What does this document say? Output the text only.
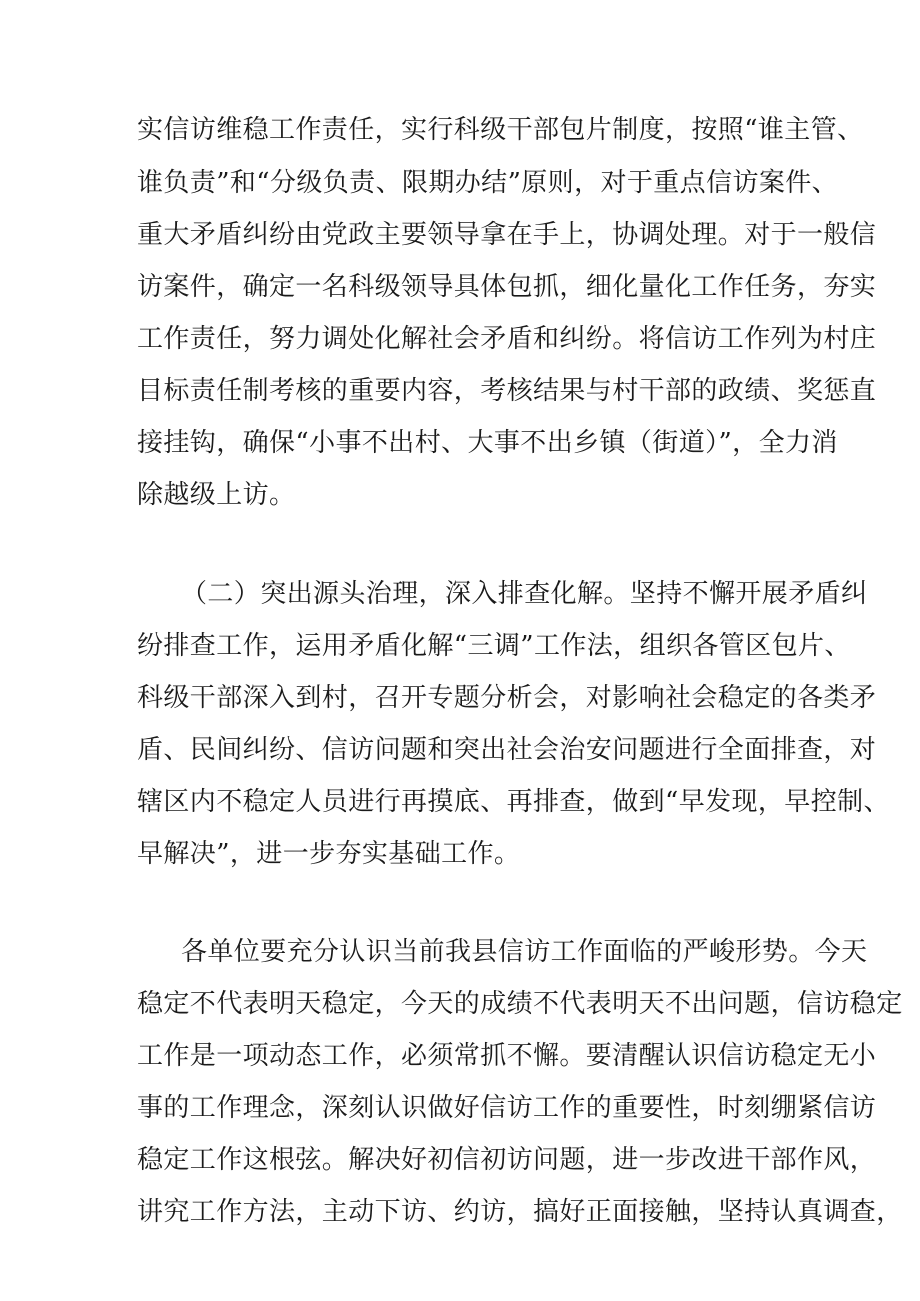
实信访维稳工作责任，实行科级干部包片制度，按照“谁主管、
谁负责”和“分级负责、限期办结”原则，对于重点信访案件、
重大矛盾纠纷由党政主要领导拿在手上，协调处理。对于一般信
访案件，确定一名科级领导具体包抓，细化量化工作任务，夯实
工作责任，努力调处化解社会矛盾和纠纷。将信访工作列为村庄
目标责任制考核的重要内容，考核结果与村干部的政绩、奖惩直
接挂钩，确保“小事不出村、大事不出乡镇（街道）”，全力消
除越级上访。
（二）突出源头治理，深入排查化解。坚持不懈开展矛盾纠
纷排查工作，运用矛盾化解“三调”工作法，组织各管区包片、
科级干部深入到村，召开专题分析会，对影响社会稳定的各类矛
盾、民间纠纷、信访问题和突出社会治安问题进行全面排查，对
辖区内不稳定人员进行再摸底、再排查，做到“早发现，早控制、
早解决”，进一步夯实基础工作。
各单位要充分认识当前我县信访工作面临的严峻形势。今天
稳定不代表明天稳定，今天的成绩不代表明天不出问题，信访稳定
工作是一项动态工作，必须常抓不懈。要清醒认识信访稳定无小
事的工作理念，深刻认识做好信访工作的重要性，时刻绷紧信访
稳定工作这根弦。解决好初信初访问题，进一步改进干部作风，
讲究工作方法，主动下访、约访，搞好正面接触，坚持认真调查，
